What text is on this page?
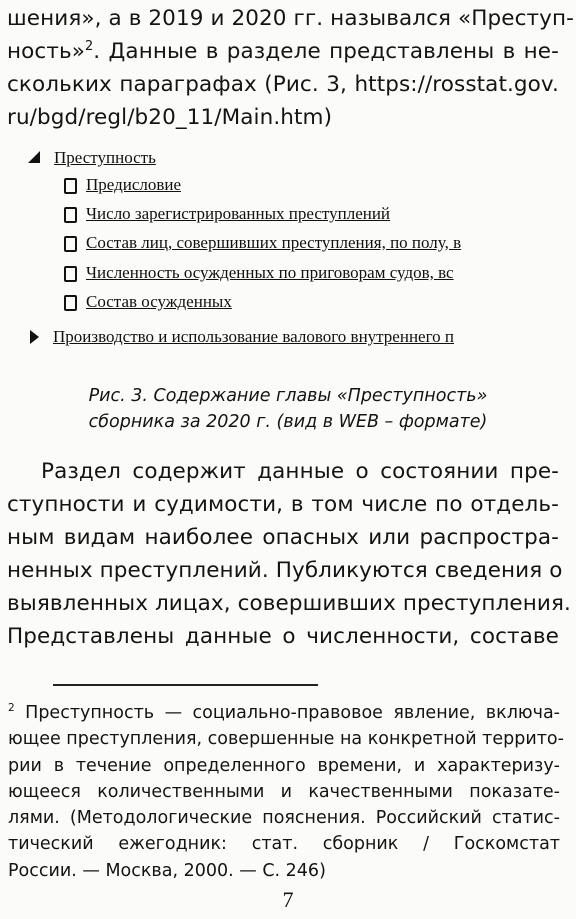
шения», а в 2019 и 2020 гг. назывался «Преступ-
ность»$^2$. Данные в разделе представлены в не-
скольких параграфах (Рис. 3, https://rosstat.gov.
ru/bgd/regl/b20_11/Main.htm)
Преступность
Предисловие
Число зарегистрированных преступлений
Состав лиц, совершивших преступления, по полу, в
Численность осужденных по приговорам судов, вс
Состав осужденных
Производство и использование валового внутреннего п
Рис. 3. Содержание главы «Преступность»
сборника за 2020 г. (вид в WEB – формате)
Раздел содержит данные о состоянии пре-
ступности и судимости, в том числе по отдель-
ным видам наиболее опасных или распростра-
ненных преступлений. Публикуются сведения о
выявленных лицах, совершивших преступления.
Представлены данные о численности, составе
$^2$ Преступность — социально-правовое явление, включа-
ющее преступления, совершенные на конкретной террито-
рии в течение определенного времени, и характеризу-
ющееся количественными и качественными показате-
лями. (Методологические пояснения. Российский статис-
тический ежегодник: стат. сборник / Госкомстат
России. — Москва, 2000. — С. 246)
7
